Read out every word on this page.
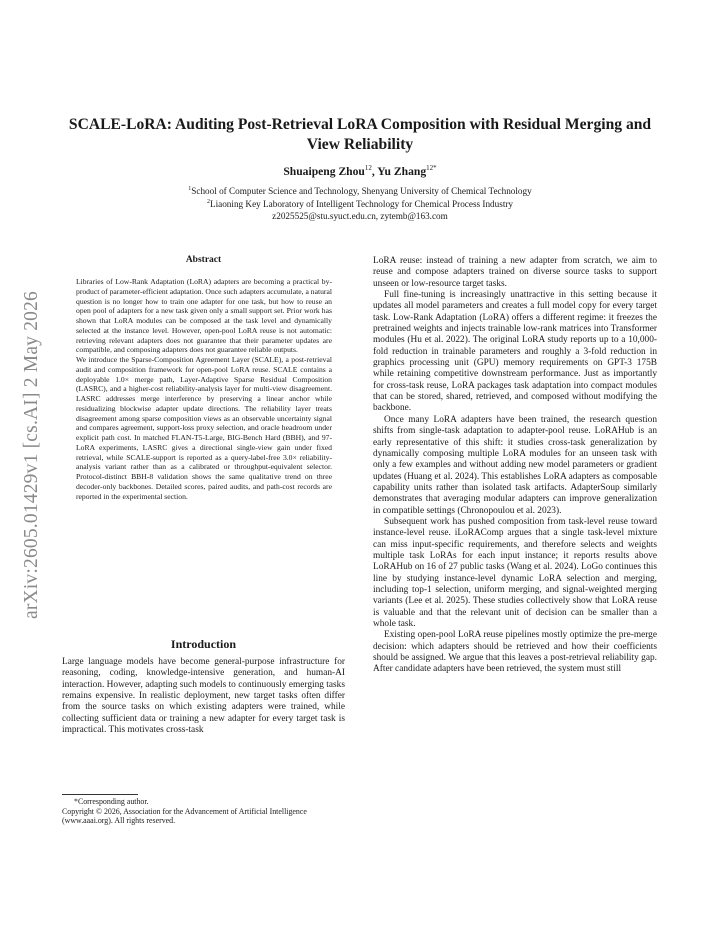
arXiv:2605.01429v1 [cs.AI] 2 May 2026
SCALE-LoRA: Auditing Post-Retrieval LoRA Composition with Residual Merging and View Reliability
Shuaipeng Zhou$^{12}$, Yu Zhang$^{12*}$
$^1$School of Computer Science and Technology, Shenyang University of Chemical Technology
$^2$Liaoning Key Laboratory of Intelligent Technology for Chemical Process Industry
z2025525@stu.syuct.edu.cn, zytemb@163.com
Abstract

Libraries of Low-Rank Adaptation (LoRA) adapters are becoming a practical by-product of parameter-efficient adaptation. Once such adapters accumulate, a natural question is no longer how to train one adapter for one task, but how to reuse an open pool of adapters for a new task given only a small support set. Prior work has shown that LoRA modules can be composed at the task level and dynamically selected at the instance level. However, open-pool LoRA reuse is not automatic: retrieving relevant adapters does not guarantee that their parameter updates are compatible, and composing adapters does not guarantee reliable outputs.

We introduce the Sparse-Composition Agreement Layer (SCALE), a post-retrieval audit and composition framework for open-pool LoRA reuse. SCALE contains a deployable 1.0× merge path, Layer-Adaptive Sparse Residual Composition (LASRC), and a higher-cost reliability-analysis layer for multi-view disagreement. LASRC addresses merge interference by preserving a linear anchor while residualizing blockwise adapter update directions. The reliability layer treats disagreement among sparse composition views as an observable uncertainty signal and compares agreement, support-loss proxy selection, and oracle headroom under explicit path cost. In matched FLAN-T5-Large, BIG-Bench Hard (BBH), and 97-LoRA experiments, LASRC gives a directional single-view gain under fixed retrieval, while SCALE-support is reported as a query-label-free 3.0× reliability-analysis variant rather than as a calibrated or throughput-equivalent selector. Protocol-distinct BBH-8 validation shows the same qualitative trend on three decoder-only backbones. Detailed scores, paired audits, and path-cost records are reported in the experimental section.

Introduction

Large language models have become general-purpose infrastructure for reasoning, coding, knowledge-intensive generation, and human-AI interaction. However, adapting such models to continuously emerging tasks remains expensive. In realistic deployment, new target tasks often differ from the source tasks on which existing adapters were trained, while collecting sufficient data or training a new adapter for every target task is impractical. This motivates cross-task

*Corresponding author.

Copyright © 2026, Association for the Advancement of Artificial Intelligence (www.aaai.org). All rights reserved.

LoRA reuse: instead of training a new adapter from scratch, we aim to reuse and compose adapters trained on diverse source tasks to support unseen or low-resource target tasks.

Full fine-tuning is increasingly unattractive in this setting because it updates all model parameters and creates a full model copy for every target task. Low-Rank Adaptation (LoRA) offers a different regime: it freezes the pretrained weights and injects trainable low-rank matrices into Transformer modules (Hu et al. 2022). The original LoRA study reports up to a 10,000-fold reduction in trainable parameters and roughly a 3-fold reduction in graphics processing unit (GPU) memory requirements on GPT-3 175B while retaining competitive downstream performance. Just as importantly for cross-task reuse, LoRA packages task adaptation into compact modules that can be stored, shared, retrieved, and composed without modifying the backbone.

Once many LoRA adapters have been trained, the research question shifts from single-task adaptation to adapter-pool reuse. LoRAHub is an early representative of this shift: it studies cross-task generalization by dynamically composing multiple LoRA modules for an unseen task with only a few examples and without adding new model parameters or gradient updates (Huang et al. 2024). This establishes LoRA adapters as composable capability units rather than isolated task artifacts. AdapterSoup similarly demonstrates that averaging modular adapters can improve generalization in compatible settings (Chronopoulou et al. 2023).

Subsequent work has pushed composition from task-level reuse toward instance-level reuse. iLoRAComp argues that a single task-level mixture can miss input-specific requirements, and therefore selects and weights multiple task LoRAs for each input instance; it reports results above LoRAHub on 16 of 27 public tasks (Wang et al. 2024). LoGo continues this line by studying instance-level dynamic LoRA selection and merging, including top-1 selection, uniform merging, and signal-weighted merging variants (Lee et al. 2025). These studies collectively show that LoRA reuse is valuable and that the relevant unit of decision can be smaller than a whole task.

Existing open-pool LoRA reuse pipelines mostly optimize the pre-merge decision: which adapters should be retrieved and how their coefficients should be assigned. We argue that this leaves a post-retrieval reliability gap. After candidate adapters have been retrieved, the system must still
